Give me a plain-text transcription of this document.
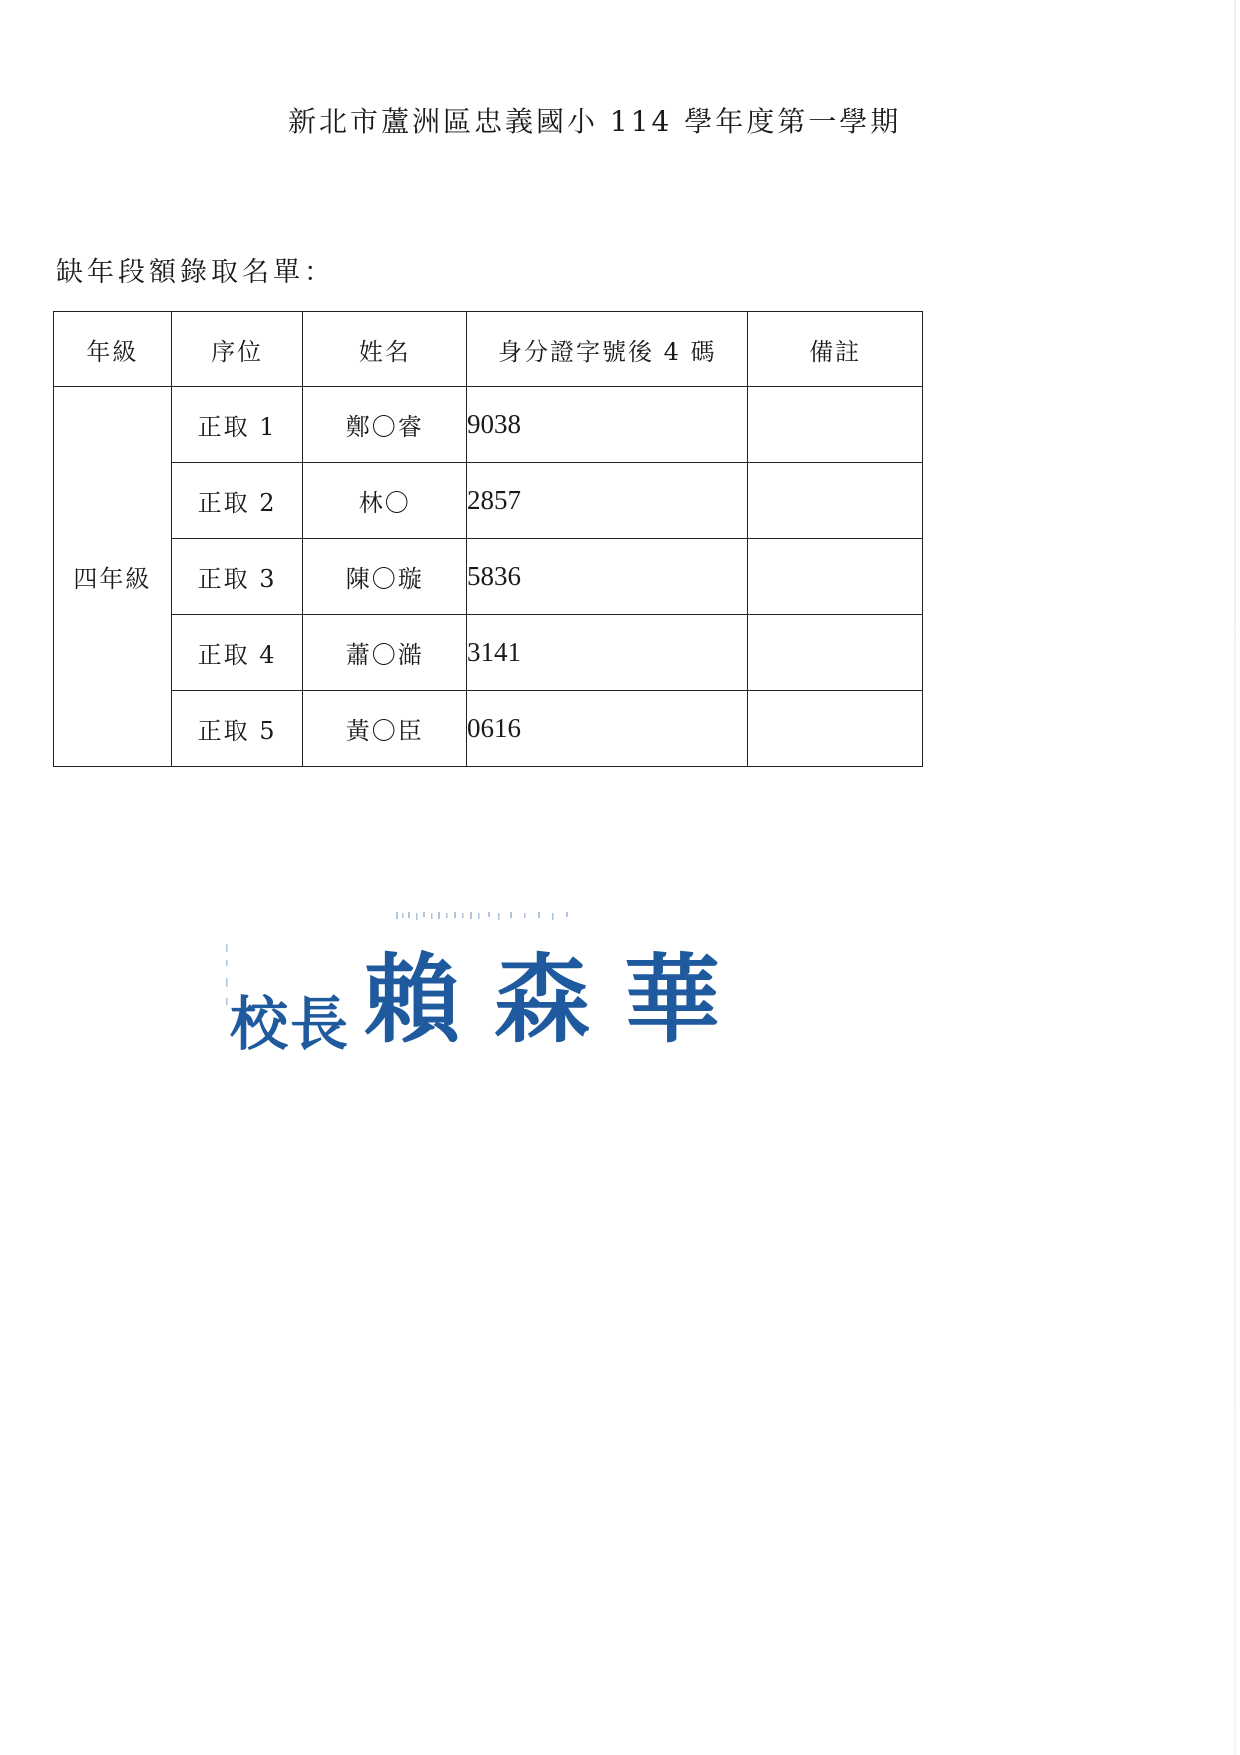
新北市蘆洲區忠義國小 114 學年度第一學期
缺年段額錄取名單：
年級	序位	姓名	身分證字號後 4 碼	備註
四年級	正取 1	鄭〇睿	9038	
	正取 2	林〇	2857	
	正取 3	陳〇璇	5836	
	正取 4	蕭〇澔	3141	
	正取 5	黃〇臣	0616	
校長 賴森華
